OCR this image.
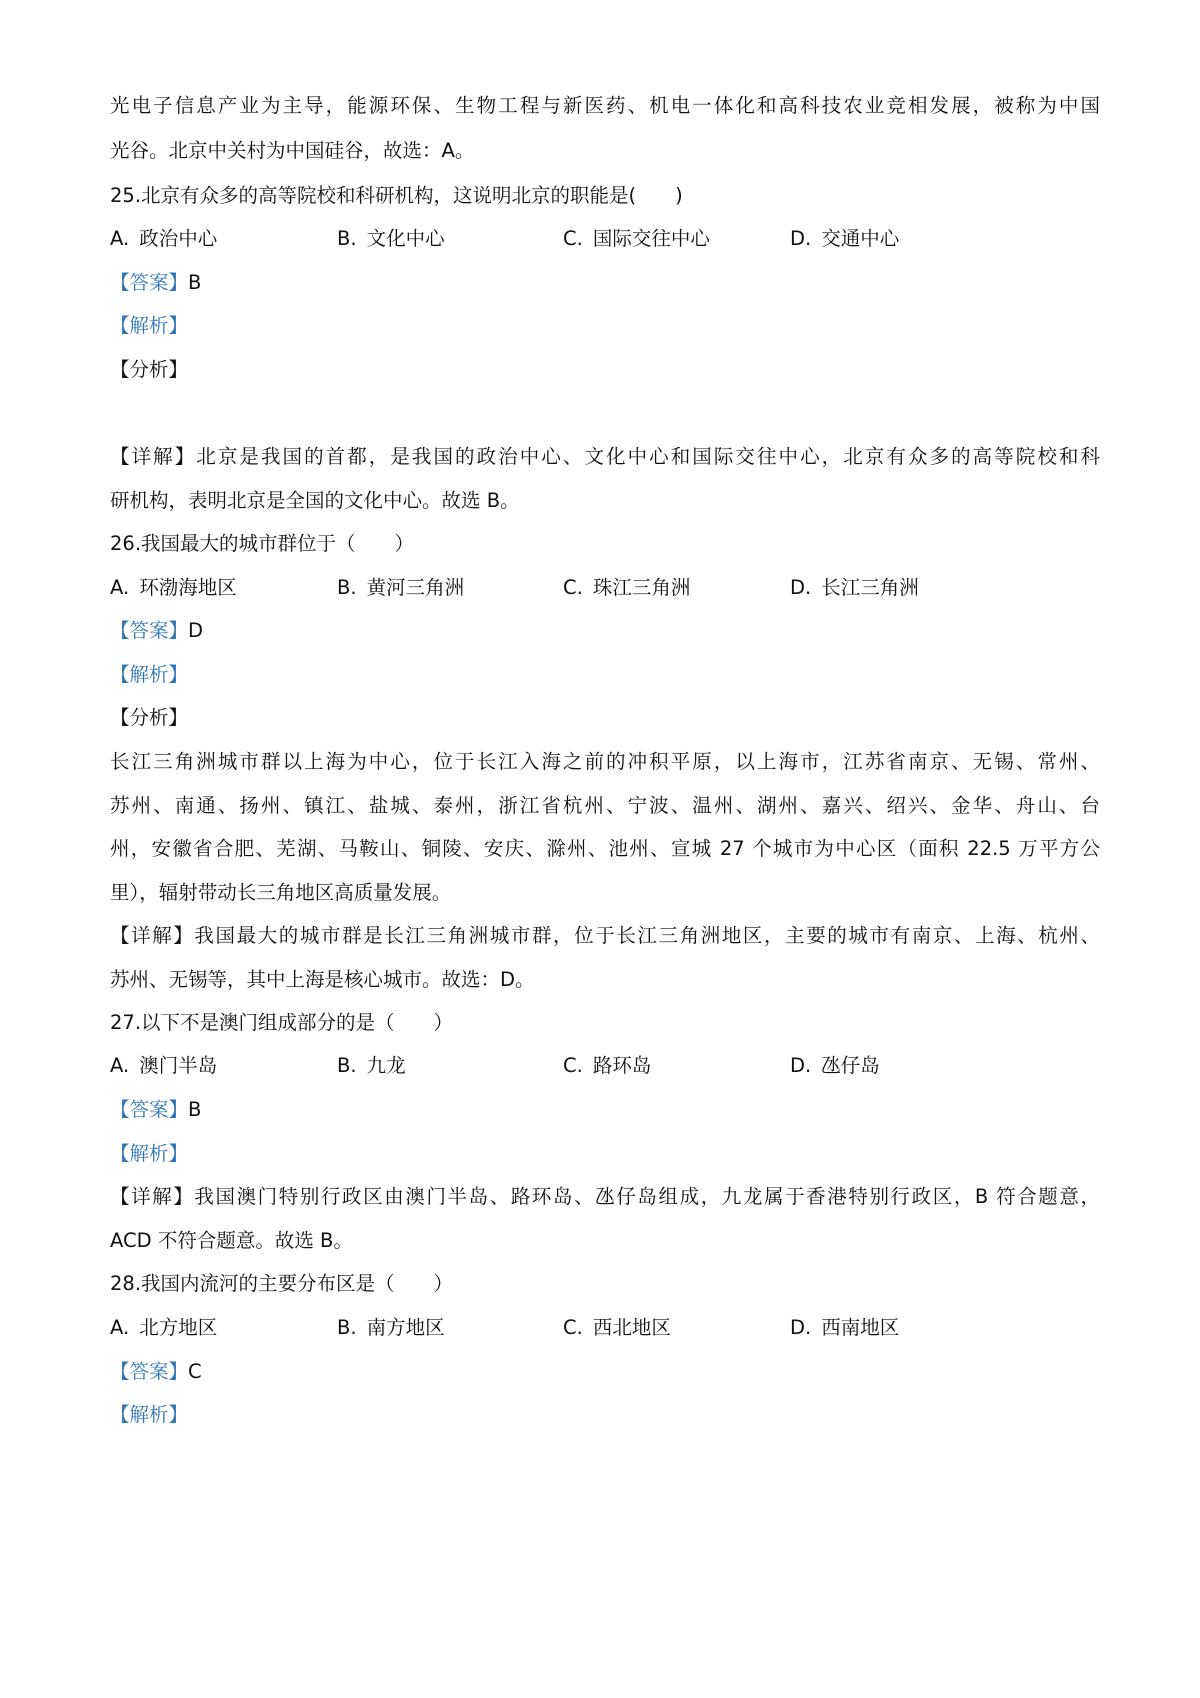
光电子信息产业为主导，能源环保、生物工程与新医药、机电一体化和高科技农业竞相发展，被称为中国
光谷。北京中关村为中国硅谷，故选：A。
25.北京有众多的高等院校和科研机构，这说明北京的职能是(　　)
A. 政治中心	B. 文化中心	C. 国际交往中心	D. 交通中心
【答案】B
【解析】
【分析】
【详解】北京是我国的首都，是我国的政治中心、文化中心和国际交往中心，北京有众多的高等院校和科
研机构，表明北京是全国的文化中心。故选 B。
26.我国最大的城市群位于（　　）
A. 环渤海地区	B. 黄河三角洲	C. 珠江三角洲	D. 长江三角洲
【答案】D
【解析】
【分析】
长江三角洲城市群以上海为中心，位于长江入海之前的冲积平原，以上海市，江苏省南京、无锡、常州、
苏州、南通、扬州、镇江、盐城、泰州，浙江省杭州、宁波、温州、湖州、嘉兴、绍兴、金华、舟山、台
州，安徽省合肥、芜湖、马鞍山、铜陵、安庆、滁州、池州、宣城 27 个城市为中心区（面积 22.5 万平方公
里），辐射带动长三角地区高质量发展。
【详解】我国最大的城市群是长江三角洲城市群，位于长江三角洲地区，主要的城市有南京、上海、杭州、
苏州、无锡等，其中上海是核心城市。故选：D。
27.以下不是澳门组成部分的是（　　）
A. 澳门半岛	B. 九龙	C. 路环岛	D. 氹仔岛
【答案】B
【解析】
【详解】我国澳门特别行政区由澳门半岛、路环岛、氹仔岛组成，九龙属于香港特别行政区，B 符合题意，
ACD 不符合题意。故选 B。
28.我国内流河的主要分布区是（　　）
A. 北方地区	B. 南方地区	C. 西北地区	D. 西南地区
【答案】C
【解析】
